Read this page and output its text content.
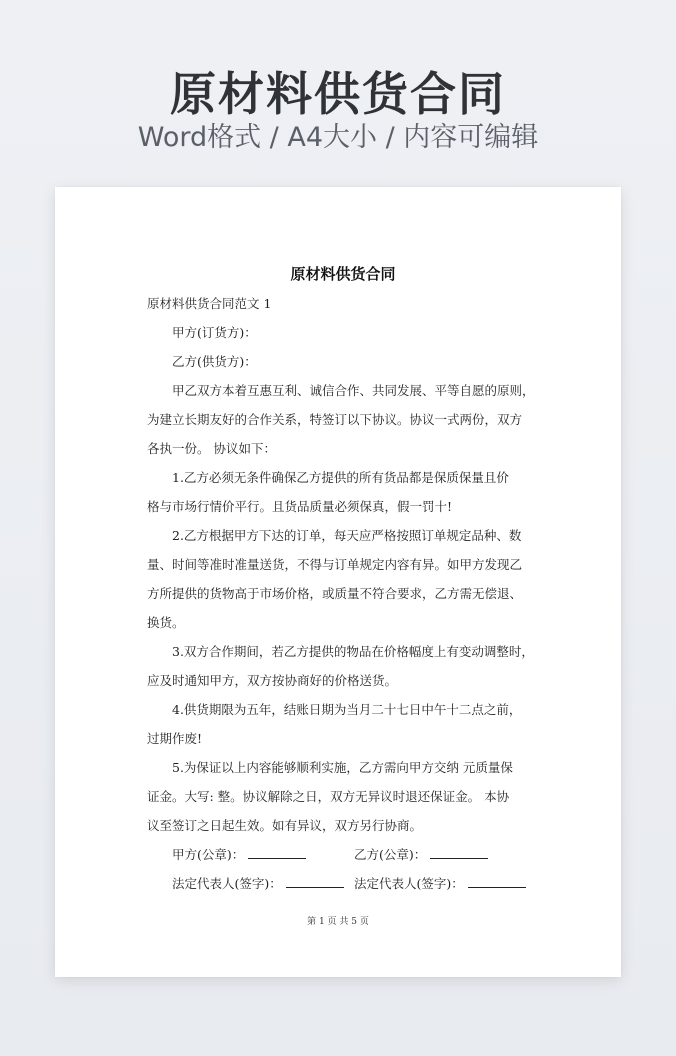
原材料供货合同
Word格式 / A4大小 / 内容可编辑
原材料供货合同
原材料供货合同范文 1
甲方(订货方)：
乙方(供货方)：
甲乙双方本着互惠互利、诚信合作、共同发展、平等自愿的原则，
为建立长期友好的合作关系，特签订以下协议。协议一式两份，双方
各执一份。 协议如下：
1.乙方必须无条件确保乙方提供的所有货品都是保质保量且价
格与市场行情价平行。且货品质量必须保真，假一罚十!
2.乙方根据甲方下达的订单，每天应严格按照订单规定品种、数
量、时间等准时准量送货，不得与订单规定内容有异。如甲方发现乙
方所提供的货物高于市场价格，或质量不符合要求，乙方需无偿退、
换货。
3.双方合作期间，若乙方提供的物品在价格幅度上有变动调整时，
应及时通知甲方，双方按协商好的价格送货。
4.供货期限为五年，结账日期为当月二十七日中午十二点之前，
过期作废!
5.为保证以上内容能够顺利实施，乙方需向甲方交纳 元质量保
证金。大写: 整。协议解除之日，双方无异议时退还保证金。 本协
议至签订之日起生效。如有异议，双方另行协商。
甲方(公章)：	乙方(公章)：
法定代表人(签字)：	法定代表人(签字)：
第 1 页 共 5 页
